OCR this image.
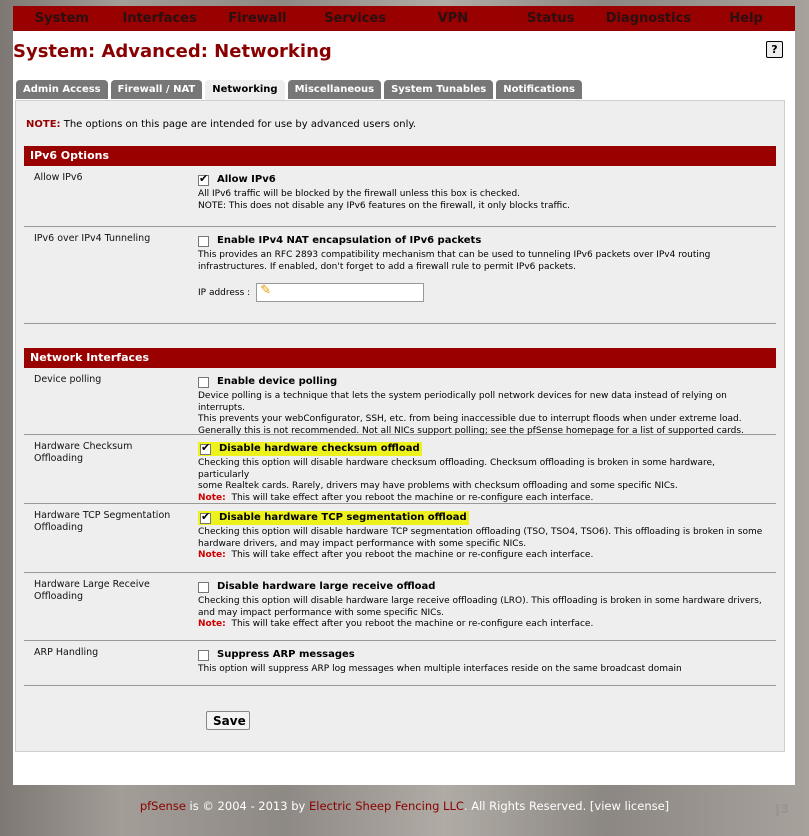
System	Interfaces	Firewall	Services	VPN	Status	Diagnostics	Help
System: Advanced: Networking	?
Admin Access	Firewall / NAT	Networking	Miscellaneous	System Tunables	Notifications
NOTE: The options on this page are intended for use by advanced users only.
IPv6 Options
Allow IPv6
✔	Allow IPv6
All IPv6 traffic will be blocked by the firewall unless this box is checked.
NOTE: This does not disable any IPv6 features on the firewall, it only blocks traffic.
IPv6 over IPv4 Tunneling	Enable IPv4 NAT encapsulation of IPv6 packets
This provides an RFC 2893 compatibility mechanism that can be used to tunneling IPv6 packets over IPv4 routing
infrastructures. If enabled, don't forget to add a firewall rule to permit IPv6 packets.
IP address : ✎
Network Interfaces
Device polling	Enable device polling
Device polling is a technique that lets the system periodically poll network devices for new data instead of relying on interrupts.
This prevents your webConfigurator, SSH, etc. from being inaccessible due to interrupt floods when under extreme load.
Generally this is not recommended. Not all NICs support polling; see the pfSense homepage for a list of supported cards.
Hardware Checksum Offloading
✔
Disable hardware checksum offload
Checking this option will disable hardware checksum offloading. Checksum offloading is broken in some hardware, particularly
some Realtek cards. Rarely, drivers may have problems with checksum offloading and some specific NICs.
Note: This will take effect after you reboot the machine or re-configure each interface.
Hardware TCP Segmentation Offloading
✔
Disable hardware TCP segmentation offload
Checking this option will disable hardware TCP segmentation offloading (TSO, TSO4, TSO6). This offloading is broken in some
hardware drivers, and may impact performance with some specific NICs.
Note: This will take effect after you reboot the machine or re-configure each interface.
Hardware Large Receive Offloading
Disable hardware large receive offload
Checking this option will disable hardware large receive offloading (LRO). This offloading is broken in some hardware drivers,
and may impact performance with some specific NICs.
Note: This will take effect after you reboot the machine or re-configure each interface.
ARP Handling	Suppress ARP messages
This option will suppress ARP log messages when multiple interfaces reside on the same broadcast domain
Save
pfSense is © 2004 - 2013 by Electric Sheep Fencing LLC. All Rights Reserved. [view license]	ꞁɜ
